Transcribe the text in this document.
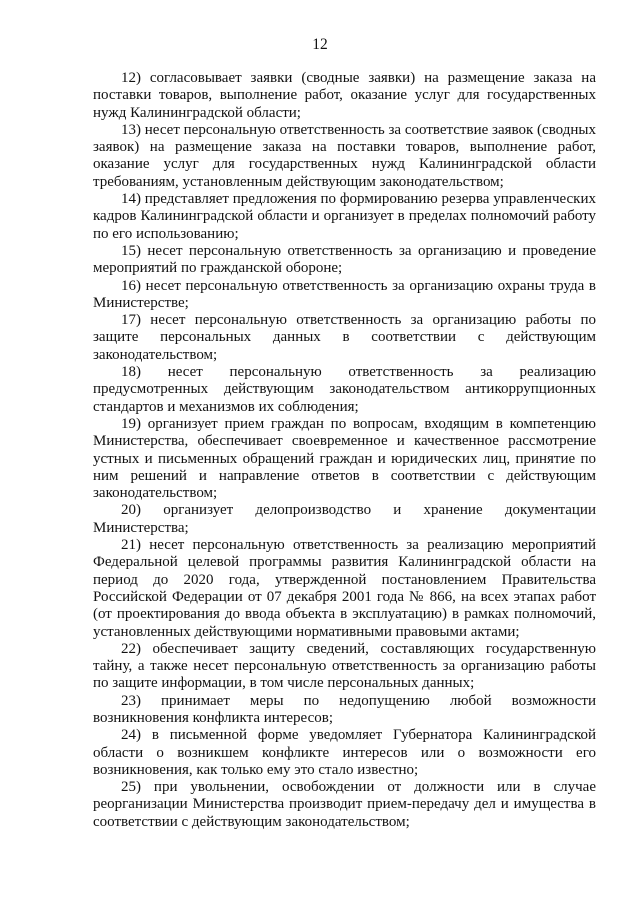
12

12) согласовывает заявки (сводные заявки) на размещение заказа на поставки товаров, выполнение работ, оказание услуг для государственных нужд Калининградской области;

13) несет персональную ответственность за соответствие заявок (сводных заявок) на размещение заказа на поставки товаров, выполнение работ, оказание услуг для государственных нужд Калининградской области требованиям, установленным действующим законодательством;

14) представляет предложения по формированию резерва управленческих кадров Калининградской области и организует в пределах полномочий работу по его использованию;

15) несет персональную ответственность за организацию и проведение мероприятий по гражданской обороне;

16) несет персональную ответственность за организацию охраны труда в Министерстве;

17) несет персональную ответственность за организацию работы по защите персональных данных в соответствии с действующим законодательством;

18) несет персональную ответственность за реализацию предусмотренных действующим законодательством антикоррупционных стандартов и механизмов их соблюдения;

19) организует прием граждан по вопросам, входящим в компетенцию Министерства, обеспечивает своевременное и качественное рассмотрение устных и письменных обращений граждан и юридических лиц, принятие по ним решений и направление ответов в соответствии с действующим законодательством;

20) организует делопроизводство и хранение документации Министерства;

21) несет персональную ответственность за реализацию мероприятий Федеральной целевой программы развития Калининградской области на период до 2020 года, утвержденной постановлением Правительства Российской Федерации от 07 декабря 2001 года № 866, на всех этапах работ (от проектирования до ввода объекта в эксплуатацию) в рамках полномочий, установленных действующими нормативными правовыми актами;

22) обеспечивает защиту сведений, составляющих государственную тайну, а также несет персональную ответственность за организацию работы по защите информации, в том числе персональных данных;

23) принимает меры по недопущению любой возможности возникновения конфликта интересов;

24) в письменной форме уведомляет Губернатора Калининградской области о возникшем конфликте интересов или о возможности его возникновения, как только ему это стало известно;

25) при увольнении, освобождении от должности или в случае реорганизации Министерства производит прием-передачу дел и имущества в соответствии с действующим законодательством;
